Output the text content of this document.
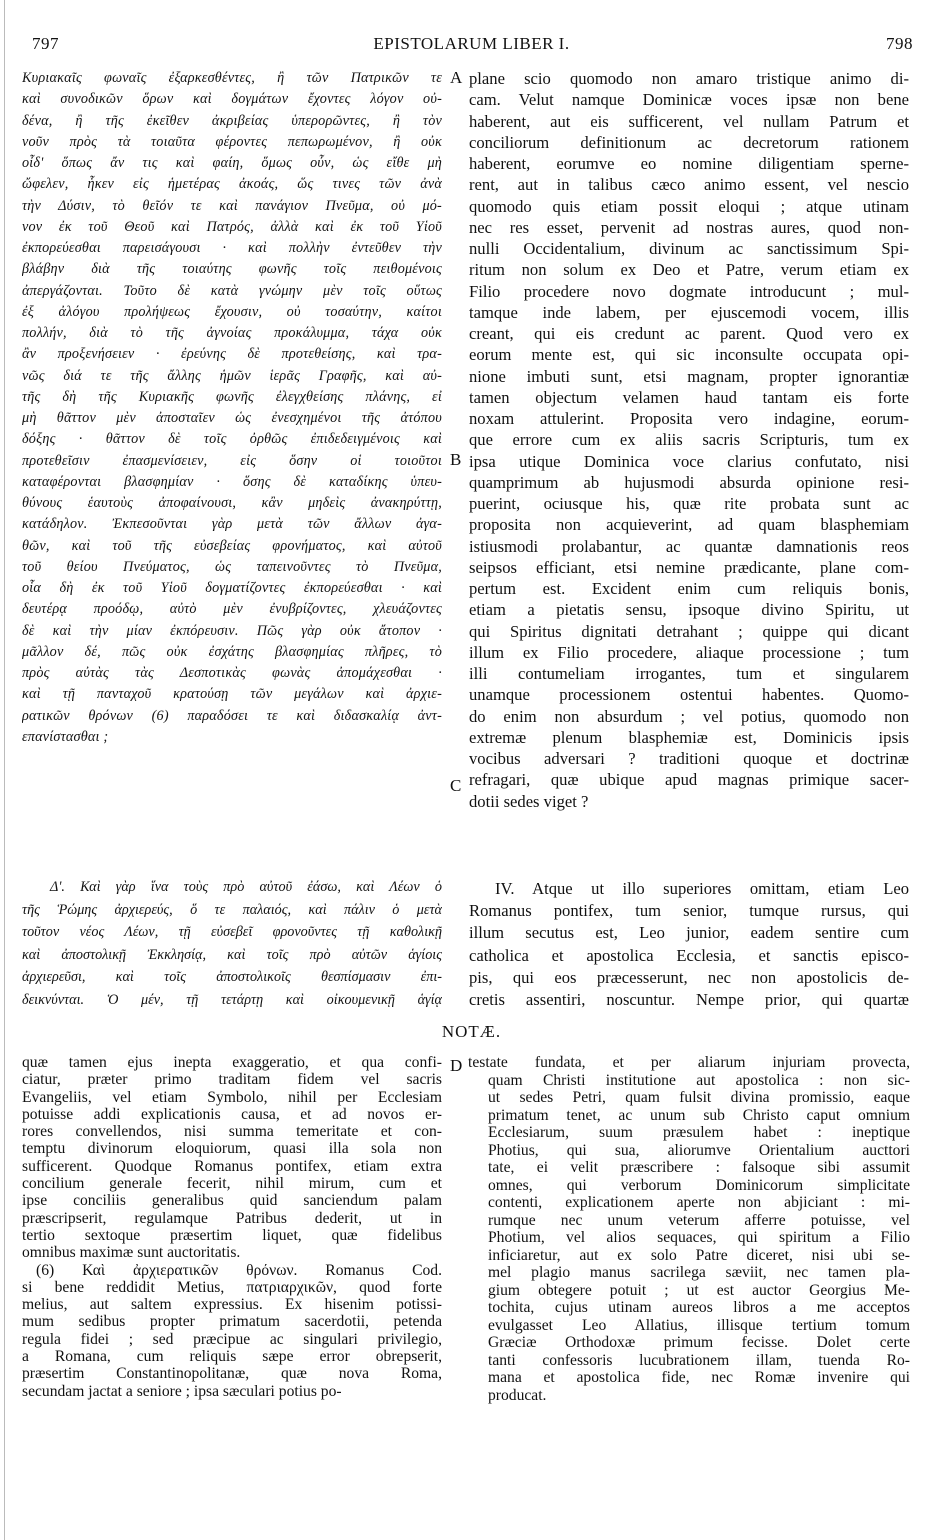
797	EPISTOLARUM LIBER I.	798
Κυριακαῖς φωναῖς ἐξαρκεσθέντες, ἢ τῶν Πατρικῶν τε
καὶ συνοδικῶν ὅρων καὶ δογμάτων ἔχοντες λόγον οὐ-
δένα, ἢ τῆς ἐκεῖθεν ἀκριβείας ὑπερορῶντες, ἢ τὸν
νοῦν πρὸς τὰ τοιαῦτα φέροντες πεπωρωμένον, ἢ οὐκ
οἶδ' ὅπως ἄν τις καὶ φαίη, ὅμως οὖν, ὡς εἴθε μὴ
ὤφελεν, ἧκεν εἰς ἡμετέρας ἀκοάς, ὥς τινες τῶν ἀνὰ
τὴν Δύσιν, τὸ θεῖόν τε καὶ πανάγιον Πνεῦμα, οὐ μό-
νον ἐκ τοῦ Θεοῦ καὶ Πατρός, ἀλλὰ καὶ ἐκ τοῦ Υἱοῦ
ἐκπορεύεσθαι παρεισάγουσι · καὶ πολλὴν ἐντεῦθεν τὴν
βλάβην διὰ τῆς τοιαύτης φωνῆς τοῖς πειθομένοις
ἀπεργάζονται. Τοῦτο δὲ κατὰ γνώμην μὲν τοῖς οὕτως
ἐξ ἀλόγου προλήψεως ἔχουσιν, οὐ τοσαύτην, καίτοι
πολλήν, διὰ τὸ τῆς ἀγνοίας προκάλυμμα, τάχα οὐκ
ἂν προξενήσειεν · ἐρεύνης δὲ προτεθείσης, καὶ τρα-
νῶς διά τε τῆς ἄλλης ἡμῶν ἱερᾶς Γραφῆς, καὶ αὐ-
τῆς δὴ τῆς Κυριακῆς φωνῆς ἐλεγχθείσης πλάνης, εἰ
μὴ θᾶττον μὲν ἀποσταῖεν ὡς ἐνεσχημένοι τῆς ἀτόπου
δόξης · θᾶττον δὲ τοῖς ὀρθῶς ἐπιδεδειγμένοις καὶ
προτεθεῖσιν ἐπασμενίσειεν, εἰς ὅσην οἱ τοιοῦτοι
καταφέρονται βλασφημίαν · ὅσης δὲ καταδίκης ὑπευ-
θύνους ἑαυτοὺς ἀποφαίνουσι, κἂν μηδεὶς ἀνακηρύττῃ,
κατάδηλον. Ἐκπεσοῦνται γὰρ μετὰ τῶν ἄλλων ἀγα-
θῶν, καὶ τοῦ τῆς εὐσεβείας φρονήματος, καὶ αὐτοῦ
τοῦ θείου Πνεύματος, ὡς ταπεινοῦντες τὸ Πνεῦμα,
οἷα δὴ ἐκ τοῦ Υἱοῦ δογματίζοντες ἐκπορεύεσθαι · καὶ
δευτέρᾳ προόδῳ, αὐτὸ μὲν ἐνυβρίζοντες, χλευάζοντες
δὲ καὶ τὴν μίαν ἐκπόρευσιν. Πῶς γὰρ οὐκ ἄτοπον ·
μᾶλλον δέ, πῶς οὐκ ἐσχάτης βλασφημίας πλῆρες, τὸ
πρὸς αὐτὰς τὰς Δεσποτικὰς φωνὰς ἀπομάχεσθαι ·
καὶ τῇ πανταχοῦ κρατούσῃ τῶν μεγάλων καὶ ἀρχιε-
ρατικῶν θρόνων (6) παραδόσει τε καὶ διδασκαλίᾳ ἀντ-
επανίστασθαι ;
plane scio quomodo non amaro tristique animo di-
cam. Velut namque Dominicæ voces ipsæ non bene
haberent, aut eis sufficerent, vel nullam Patrum et
conciliorum definitionum ac decretorum rationem
haberent, eorumve eo nomine diligentiam sperne-
rent, aut in talibus cæco animo essent, vel nescio
quomodo quis etiam possit eloqui ; atque utinam
nec res esset, pervenit ad nostras aures, quod non-
nulli Occidentalium, divinum ac sanctissimum Spi-
ritum non solum ex Deo et Patre, verum etiam ex
Filio procedere novo dogmate introducunt ; mul-
tamque inde labem, per ejuscemodi vocem, illis
creant, qui eis credunt ac parent. Quod vero ex
eorum mente est, qui sic inconsulte occupata opi-
nione imbuti sunt, etsi magnam, propter ignorantiæ
tamen objectum velamen haud tantam eis forte
noxam attulerint. Proposita vero indagine, eorum-
que errore cum ex aliis sacris Scripturis, tum ex
ipsa utique Dominica voce clarius confutato, nisi
quamprimum ab hujusmodi absurda opinione resi-
puerint, ociusque his, quæ rite probata sunt ac
proposita non acquieverint, ad quam blasphemiam
istiusmodi prolabantur, ac quantæ damnationis reos
seipsos efficiant, etsi nemine prædicante, plane com-
pertum est. Excident enim cum reliquis bonis,
etiam a pietatis sensu, ipsoque divino Spiritu, ut
qui Spiritus dignitati detrahant ; quippe qui dicant
illum ex Filio procedere, aliaque processione ; tum
illi contumeliam irrogantes, tum et singularem
unamque processionem ostentui habentes. Quomo-
do enim non absurdum ; vel potius, quomodo non
extremæ plenum blasphemiæ est, Dominicis ipsis
vocibus adversari ? traditioni quoque et doctrinæ
refragari, quæ ubique apud magnas primique sacer-
dotii sedes viget ?
Δ'. Καὶ γὰρ ἵνα τοὺς πρὸ αὐτοῦ ἐάσω, καὶ Λέων ὁ
τῆς Ῥώμης ἀρχιερεύς, ὅ τε παλαιός, καὶ πάλιν ὁ μετὰ
τοῦτον νέος Λέων, τῇ εὐσεβεῖ φρονοῦντες τῇ καθολικῇ
καὶ ἀποστολικῇ Ἐκκλησίᾳ, καὶ τοῖς πρὸ αὐτῶν ἁγίοις
ἀρχιερεῦσι, καὶ τοῖς ἀποστολικοῖς θεσπίσμασιν ἐπι-
δεικνύνται. Ὁ μέν, τῇ τετάρτῃ καὶ οἰκουμενικῇ ἁγίᾳ
IV. Atque ut illo superiores omittam, etiam Leo
Romanus pontifex, tum senior, tumque rursus, qui
illum secutus est, Leo junior, eadem sentire cum
catholica et apostolica Ecclesia, et sanctis episco-
pis, qui eos præcesserunt, nec non apostolicis de-
cretis assentiri, noscuntur. Nempe prior, qui quartæ
A
B
C
D
NOTÆ.
quæ tamen ejus inepta exaggeratio, et qua confi-
ciatur, præter primo traditam fidem vel sacris
Evangeliis, vel etiam Symbolo, nihil per Ecclesiam
potuisse addi explicationis causa, et ad novos er-
rores convellendos, nisi summa temeritate et con-
temptu divinorum eloquiorum, quasi illa sola non
sufficerent. Quodque Romanus pontifex, etiam extra
concilium generale fecerit, nihil mirum, cum et
ipse conciliis generalibus quid sanciendum palam
præscripserit, regulamque Patribus dederit, ut in
tertio sextoque præsertim liquet, quæ fidelibus
omnibus maximæ sunt auctoritatis.
(6) Καὶ ἀρχιερατικῶν θρόνων. Romanus Cod.
si bene reddidit Metius, πατριαρχικῶν, quod forte
melius, aut saltem expressius. Ex hisenim potissi-
mum sedibus propter primatum sacerdotii, petenda
regula fidei ; sed præcipue ac singulari privilegio,
a Romana, cum reliquis sæpe error obrepserit,
præsertim Constantinopolitanæ, quæ nova Roma,
secundam jactat a seniore ; ipsa sæculari potius po-
testate fundata, et per aliarum injuriam provecta,
quam Christi institutione aut apostolica : non sic-
ut sedes Petri, quam fulsit divina promissio, eaque
primatum tenet, ac unum sub Christo caput omnium
Ecclesiarum, suum præsulem habet : ineptique
Photius, qui sua, aliorumve Orientalium aucttori
tate, ei velit præscribere : falsoque sibi assumit
omnes, qui verborum Dominicorum simplicitate
contenti, explicationem aperte non abjiciant : mi-
rumque nec unum veterum afferre potuisse, vel
Photium, vel alios sequaces, qui spiritum a Filio
inficiaretur, aut ex solo Patre diceret, nisi ubi se-
mel plagio manus sacrilega sæviit, nec tamen pla-
gium obtegere potuit ; ut est auctor Georgius Me-
tochita, cujus utinam aureos libros a me acceptos
evulgasset Leo Allatius, illisque tertium tomum
Græciæ Orthodoxæ primum fecisse. Dolet certe
tanti confessoris lucubrationem illam, tuenda Ro-
mana et apostolica fide, nec Romæ invenire qui
producat.
